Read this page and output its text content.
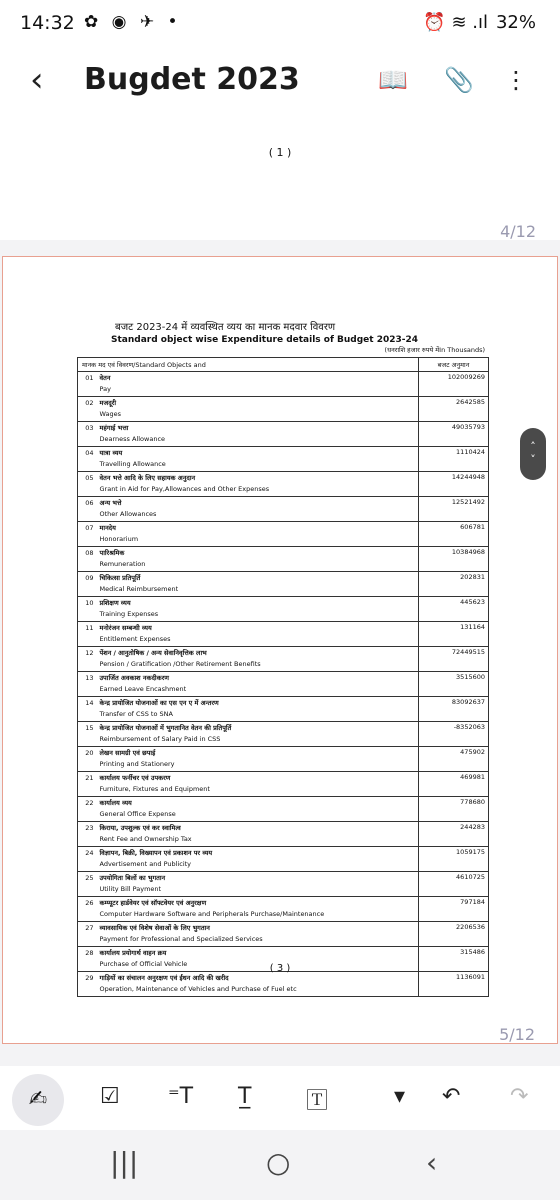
14:32 ✿ ◉ ✈ •	⏰ ≋ .ıl 32%
‹ Bugdet 2023	📖 📎 ⋮
( 1 )
4/12
बजट 2023-24 में व्यवस्थित व्यय का मानक मदवार विवरण
Standard object wise Expenditure details of Budget 2023-24
(धनराशि हजार रुपये मेंIn Thousands)
मानक मद एवं विवरण/Standard Objects and		बजट अनुमान
01	वेतन
Pay	102009269
02	मजदूरी
Wages	2642585
03	महंगाई भत्ता
Dearness Allowance	49035793
04	यात्रा व्यय
Travelling Allowance	1110424
05	वेतन भत्ते आदि के लिए सहायक अनुदान
Grant in Aid for Pay,Allowances and Other Expenses	14244948
06	अन्य भत्ते
Other Allowances	12521492
07	मानदेय
Honorarium	606781
08	पारिश्रमिक
Remuneration	10384968
09	चिकित्सा प्रतिपूर्ति
Medical Reimbursement	202831
10	प्रशिक्षण व्यय
Training Expenses	445623
11	मनोरंजन सम्बन्धी व्यय
Entitlement Expenses	131164
12	पेंशन / आनुतोषिक / अन्य सेवानिवृत्तिक लाभ
Pension / Gratification /Other Retirement Benefits	72449515
13	उपार्जित अवकाश नकदीकरण
Earned Leave Encashment	3515600
14	केन्द्र प्रायोजित योजनाओं का एस एन ए में अन्तरण
Transfer of CSS to SNA	83092637
15	केन्द्र प्रायोजित योजनाओं में भुगतानित वेतन की प्रतिपूर्ति
Reimbursement of Salary Paid in CSS	-8352063
20	लेखन सामग्री एवं छपाई
Printing and Stationery	475902
21	कार्यालय फर्नीचर एवं उपकरण
Furniture, Fixtures and Equipment	469981
22	कार्यालय व्यय
General Office Expense	778680
23	किराया, उपशुल्क एवं कर स्वामित्व
Rent Fee and Ownership Tax	244283
24	विज्ञापन, बिक्री, विख्यापन एवं प्रकाशन पर व्यय
Advertisement and Publicity	1059175
25	उपयोगिता बिलों का भुगतान
Utility Bill Payment	4610725
26	कम्प्यूटर हार्डवेयर एवं सॉफ्टवेयर एवं अनुरक्षण
Computer Hardware Software and Peripherals Purchase/Maintenance	797184
27	व्यावसायिक एवं विशेष सेवाओं के लिए भुगतान
Payment for Professional and Specialized Services	2206536
28	कार्यालय प्रयोगार्थ वाहन क्रय
Purchase of Official Vehicle	315486
29	गाड़ियों का संचालन अनुरक्षण एवं ईंधन आदि की खरीद
Operation, Maintenance of Vehicles and Purchase of Fuel etc	1136091
( 3 )
5/12
˄
˅
✍	☑ ⁼T T̲ 🅃	▾ ↶ ↷
|||	○	‹
